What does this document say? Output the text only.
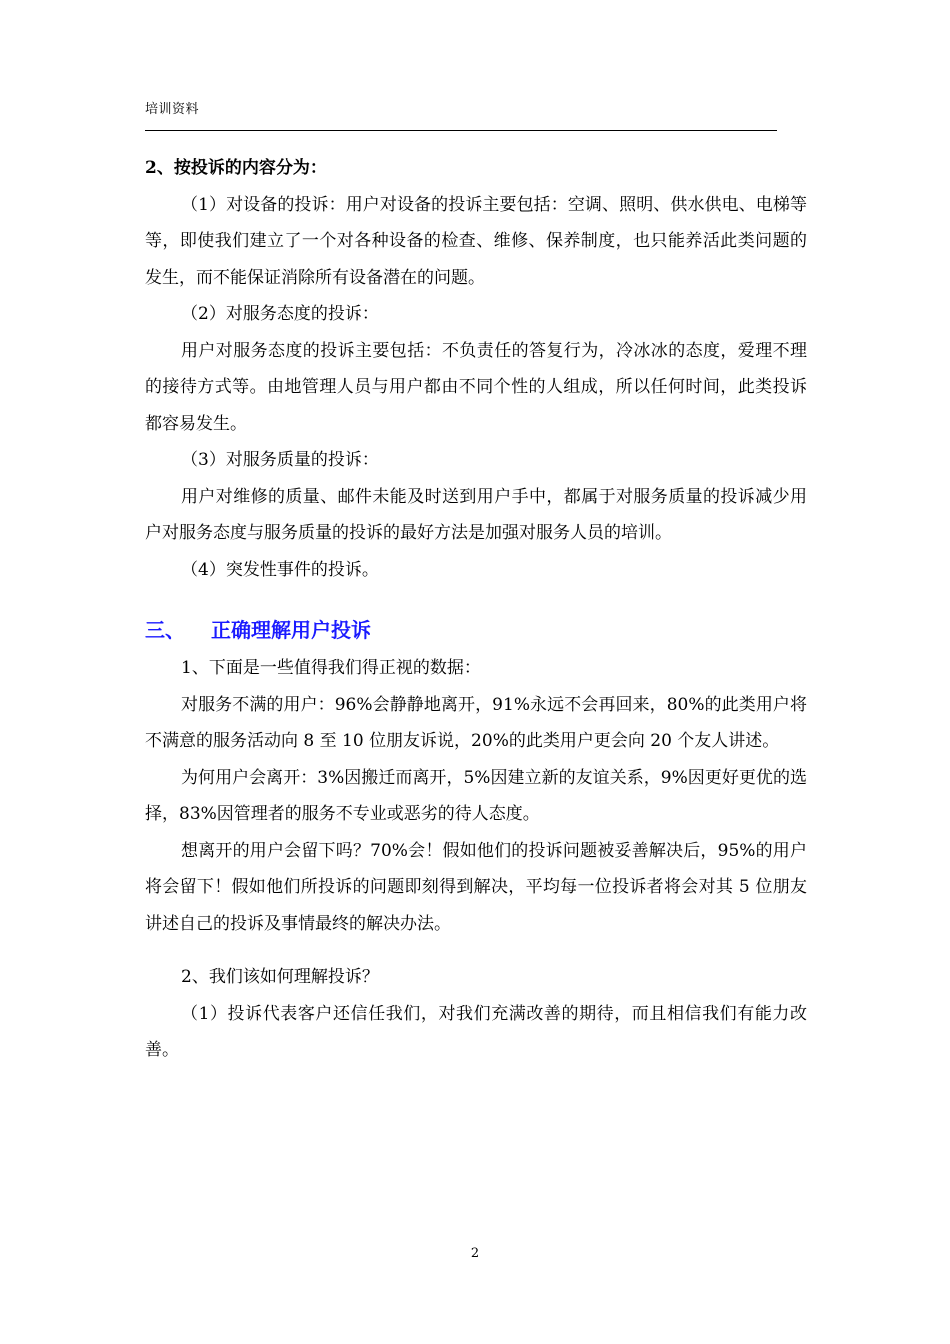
培训资料

2、按投诉的内容分为：

（1）对设备的投诉：用户对设备的投诉主要包括：空调、照明、供水供电、电梯等等，即使我们建立了一个对各种设备的检查、维修、保养制度，也只能养活此类问题的发生，而不能保证消除所有设备潜在的问题。

（2）对服务态度的投诉：

用户对服务态度的投诉主要包括：不负责任的答复行为，冷冰冰的态度，爱理不理的接待方式等。由地管理人员与用户都由不同个性的人组成，所以任何时间，此类投诉都容易发生。

（3）对服务质量的投诉：

用户对维修的质量、邮件未能及时送到用户手中，都属于对服务质量的投诉减少用户对服务态度与服务质量的投诉的最好方法是加强对服务人员的培训。

（4）突发性事件的投诉。

三、 正确理解用户投诉

1、下面是一些值得我们得正视的数据：

对服务不满的用户：96%会静静地离开，91%永远不会再回来，80%的此类用户将不满意的服务活动向 8 至 10 位朋友诉说，20%的此类用户更会向 20 个友人讲述。

为何用户会离开：3%因搬迁而离开，5%因建立新的友谊关系，9%因更好更优的选择，83%因管理者的服务不专业或恶劣的待人态度。

想离开的用户会留下吗？70%会！假如他们的投诉问题被妥善解决后，95%的用户将会留下！假如他们所投诉的问题即刻得到解决，平均每一位投诉者将会对其 5 位朋友讲述自己的投诉及事情最终的解决办法。

2、我们该如何理解投诉？

（1）投诉代表客户还信任我们，对我们充满改善的期待，而且相信我们有能力改善。

2
